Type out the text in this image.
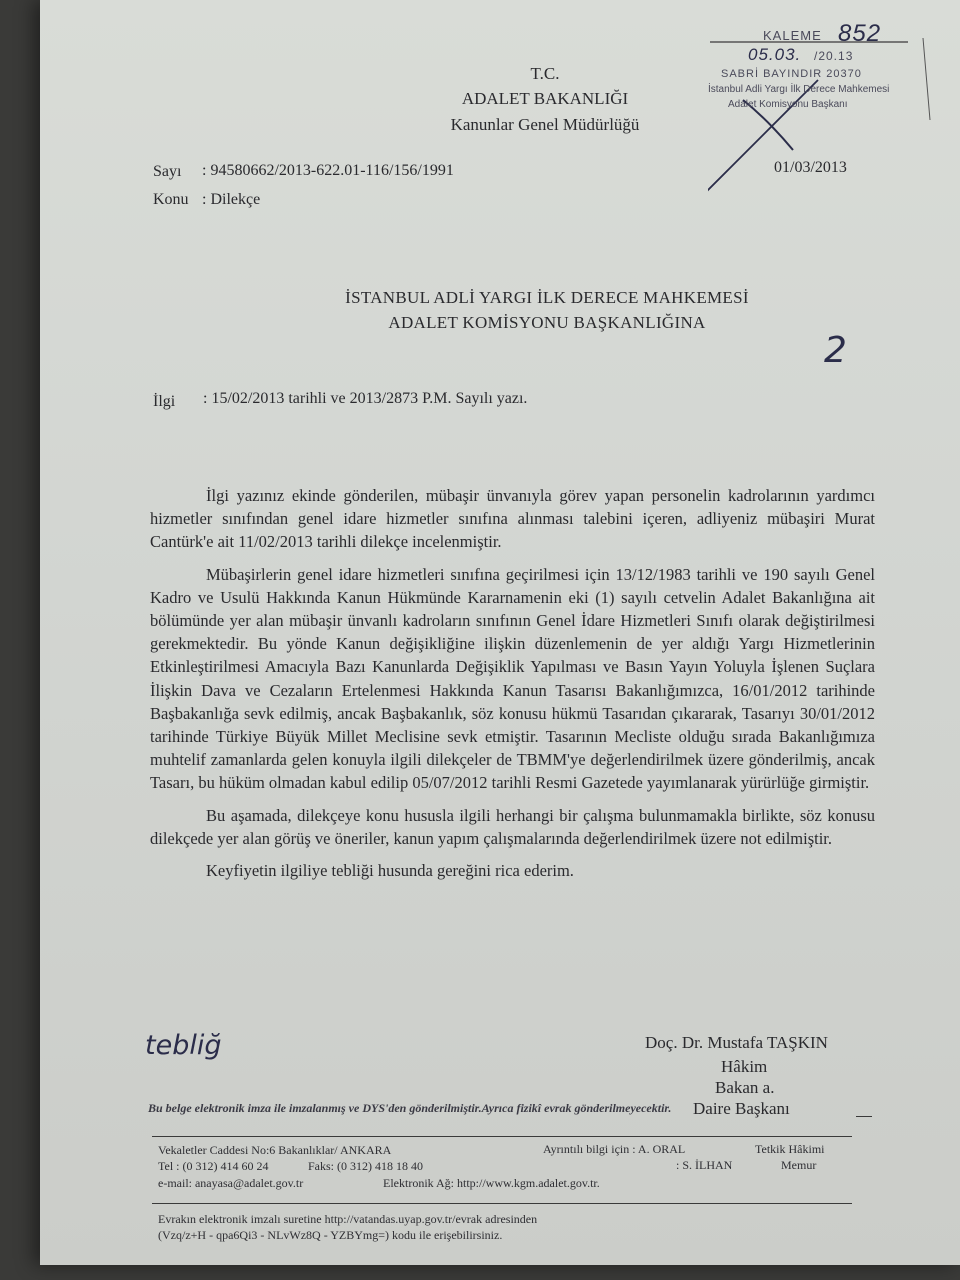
T.C.
ADALET BAKANLIĞI
Kanunlar Genel Müdürlüğü
Sayı : 94580662/2013-622.01-116/156/1991
Konu : Dilekçe
01/03/2013
KALEME 852
05.03. /20.13
SABRİ BAYINDIR 20370
İstanbul Adli Yargı İlk Derece Mahkemesi
Adalet Komisyonu Başkanı
İSTANBUL ADLİ YARGI İLK DERECE MAHKEMESİ
ADALET KOMİSYONU BAŞKANLIĞINA
2
İlgi : 15/02/2013 tarihli ve 2013/2873 P.M. Sayılı yazı.

İlgi yazınız ekinde gönderilen, mübaşir ünvanıyla görev yapan personelin kadrolarının yardımcı hizmetler sınıfından genel idare hizmetler sınıfına alınması talebini içeren, adliyeniz mübaşiri Murat Cantürk'e ait 11/02/2013 tarihli dilekçe incelenmiştir.

Mübaşirlerin genel idare hizmetleri sınıfına geçirilmesi için 13/12/1983 tarihli ve 190 sayılı Genel Kadro ve Usulü Hakkında Kanun Hükmünde Kararnamenin eki (1) sayılı cetvelin Adalet Bakanlığına ait bölümünde yer alan mübaşir ünvanlı kadroların sınıfının Genel İdare Hizmetleri Sınıfı olarak değiştirilmesi gerekmektedir. Bu yönde Kanun değişikliğine ilişkin düzenlemenin de yer aldığı Yargı Hizmetlerinin Etkinleştirilmesi Amacıyla Bazı Kanunlarda Değişiklik Yapılması ve Basın Yayın Yoluyla İşlenen Suçlara İlişkin Dava ve Cezaların Ertelenmesi Hakkında Kanun Tasarısı Bakanlığımızca, 16/01/2012 tarihinde Başbakanlığa sevk edilmiş, ancak Başbakanlık, söz konusu hükmü Tasarıdan çıkararak, Tasarıyı 30/01/2012 tarihinde Türkiye Büyük Millet Meclisine sevk etmiştir. Tasarının Mecliste olduğu sırada Bakanlığımıza muhtelif zamanlarda gelen konuyla ilgili dilekçeler de TBMM'ye değerlendirilmek üzere gönderilmiş, ancak Tasarı, bu hüküm olmadan kabul edilip 05/07/2012 tarihli Resmi Gazetede yayımlanarak yürürlüğe girmiştir.

Bu aşamada, dilekçeye konu hususla ilgili herhangi bir çalışma bulunmamakla birlikte, söz konusu dilekçede yer alan görüş ve öneriler, kanun yapım çalışmalarında değerlendirilmek üzere not edilmiştir.

Keyfiyetin ilgiliye tebliği husunda gereğini rica ederim.

tebliğ	Doç. Dr. Mustafa TAŞKIN
Hâkim
Bakan a.
Daire Başkanı
Bu belge elektronik imza ile imzalanmış ve DYS'den gönderilmiştir.Ayrıca fizikî evrak gönderilmeyecektir.
Vekaletler Caddesi No:6 Bakanlıklar/ ANKARA	Ayrıntılı bilgi için : A. ORAL	Tetkik Hâkimi
Tel : (0 312) 414 60 24	Faks: (0 312) 418 18 40	: S. İLHAN	Memur
e-mail: anayasa@adalet.gov.tr	Elektronik Ağ: http://www.kgm.adalet.gov.tr.
Evrakın elektronik imzalı suretine http://vatandas.uyap.gov.tr/evrak adresinden
(Vzq/z+H - qpa6Qi3 - NLvWz8Q - YZBYmg=) kodu ile erişebilirsiniz.
